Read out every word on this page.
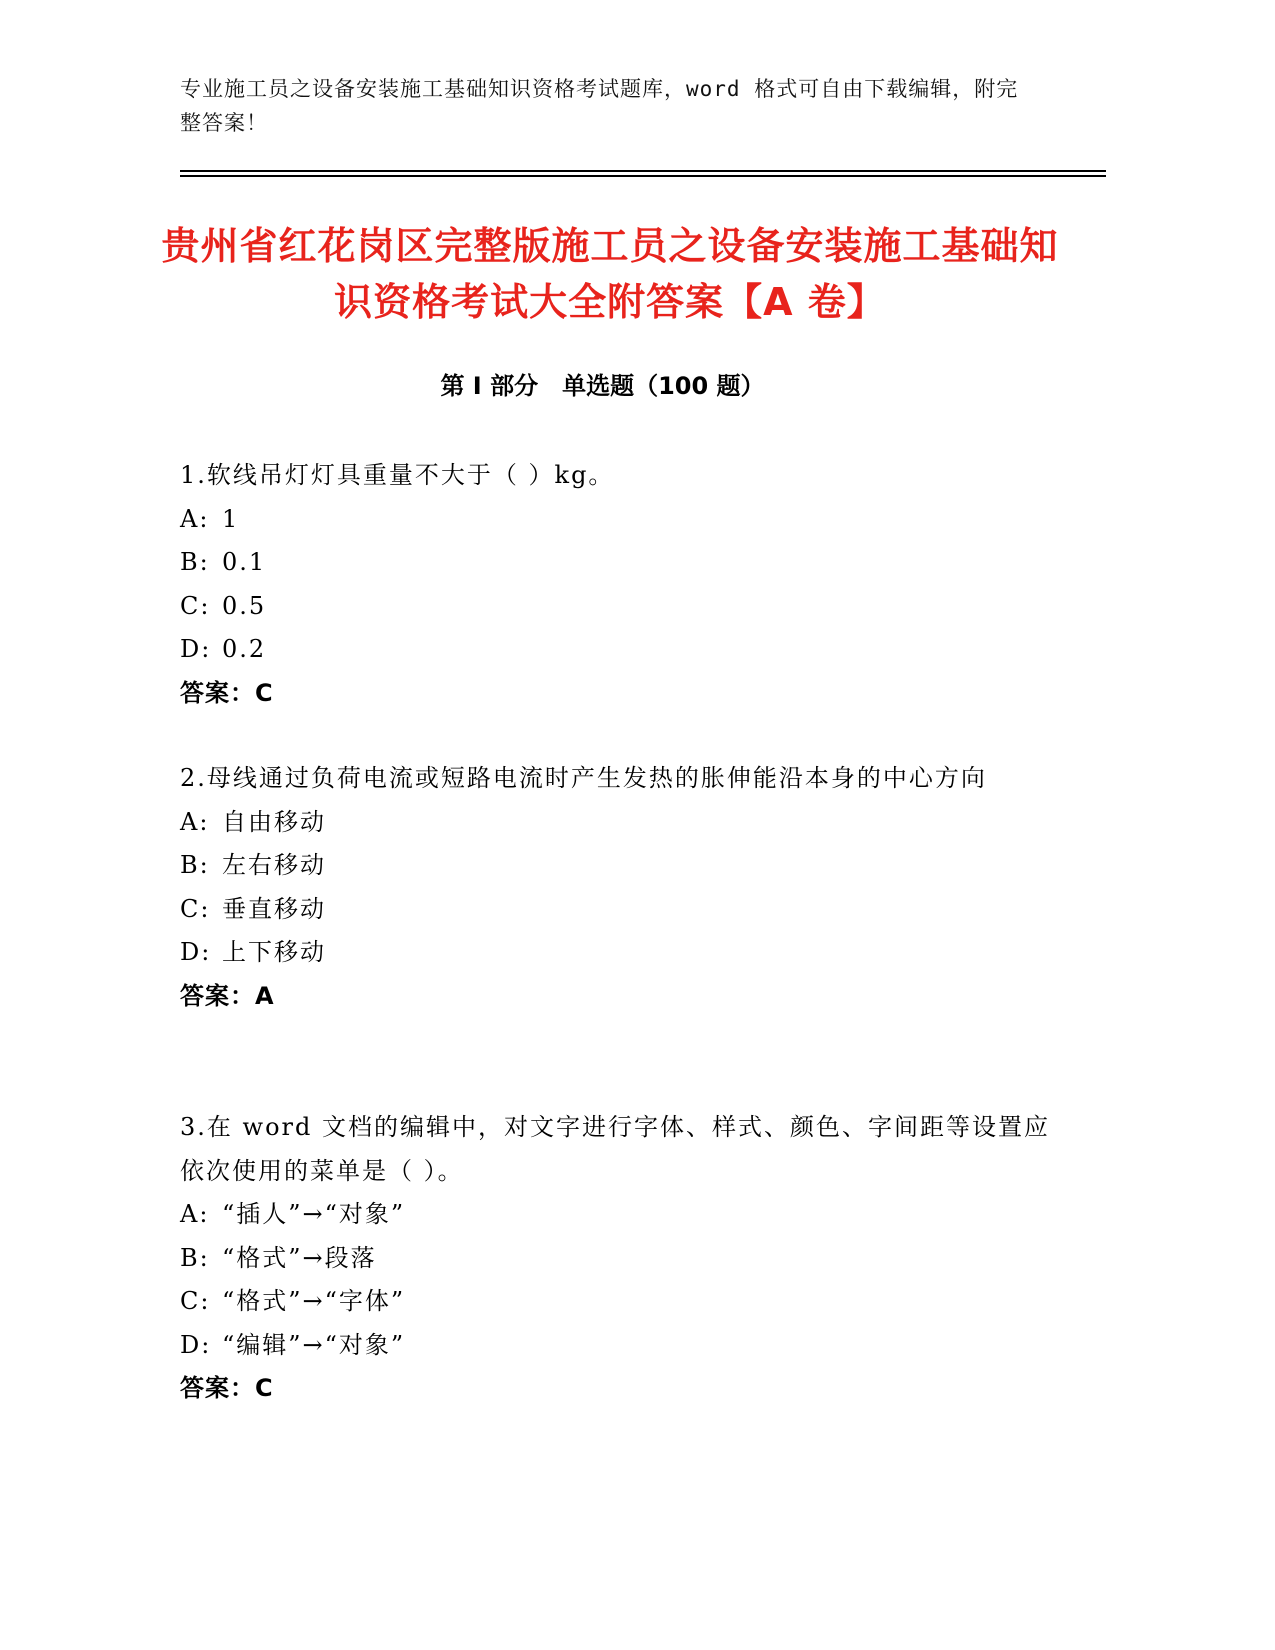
专业施工员之设备安装施工基础知识资格考试题库，word 格式可自由下载编辑，附完整答案！
贵州省红花岗区完整版施工员之设备安装施工基础知识资格考试大全附答案【A 卷】
第 I 部分　单选题（100 题）
1.软线吊灯灯具重量不大于（ ）kg。
A: 1
B: 0.1
C: 0.5
D: 0.2
答案：C
2.母线通过负荷电流或短路电流时产生发热的胀伸能沿本身的中心方向
A: 自由移动
B: 左右移动
C: 垂直移动
D: 上下移动
答案：A
3.在 word 文档的编辑中，对文字进行字体、样式、颜色、字间距等设置应依次使用的菜单是（ ）。
A: “插人”→“对象”
B: “格式”→段落
C: “格式”→“字体”
D: “编辑”→“对象”
答案：C
